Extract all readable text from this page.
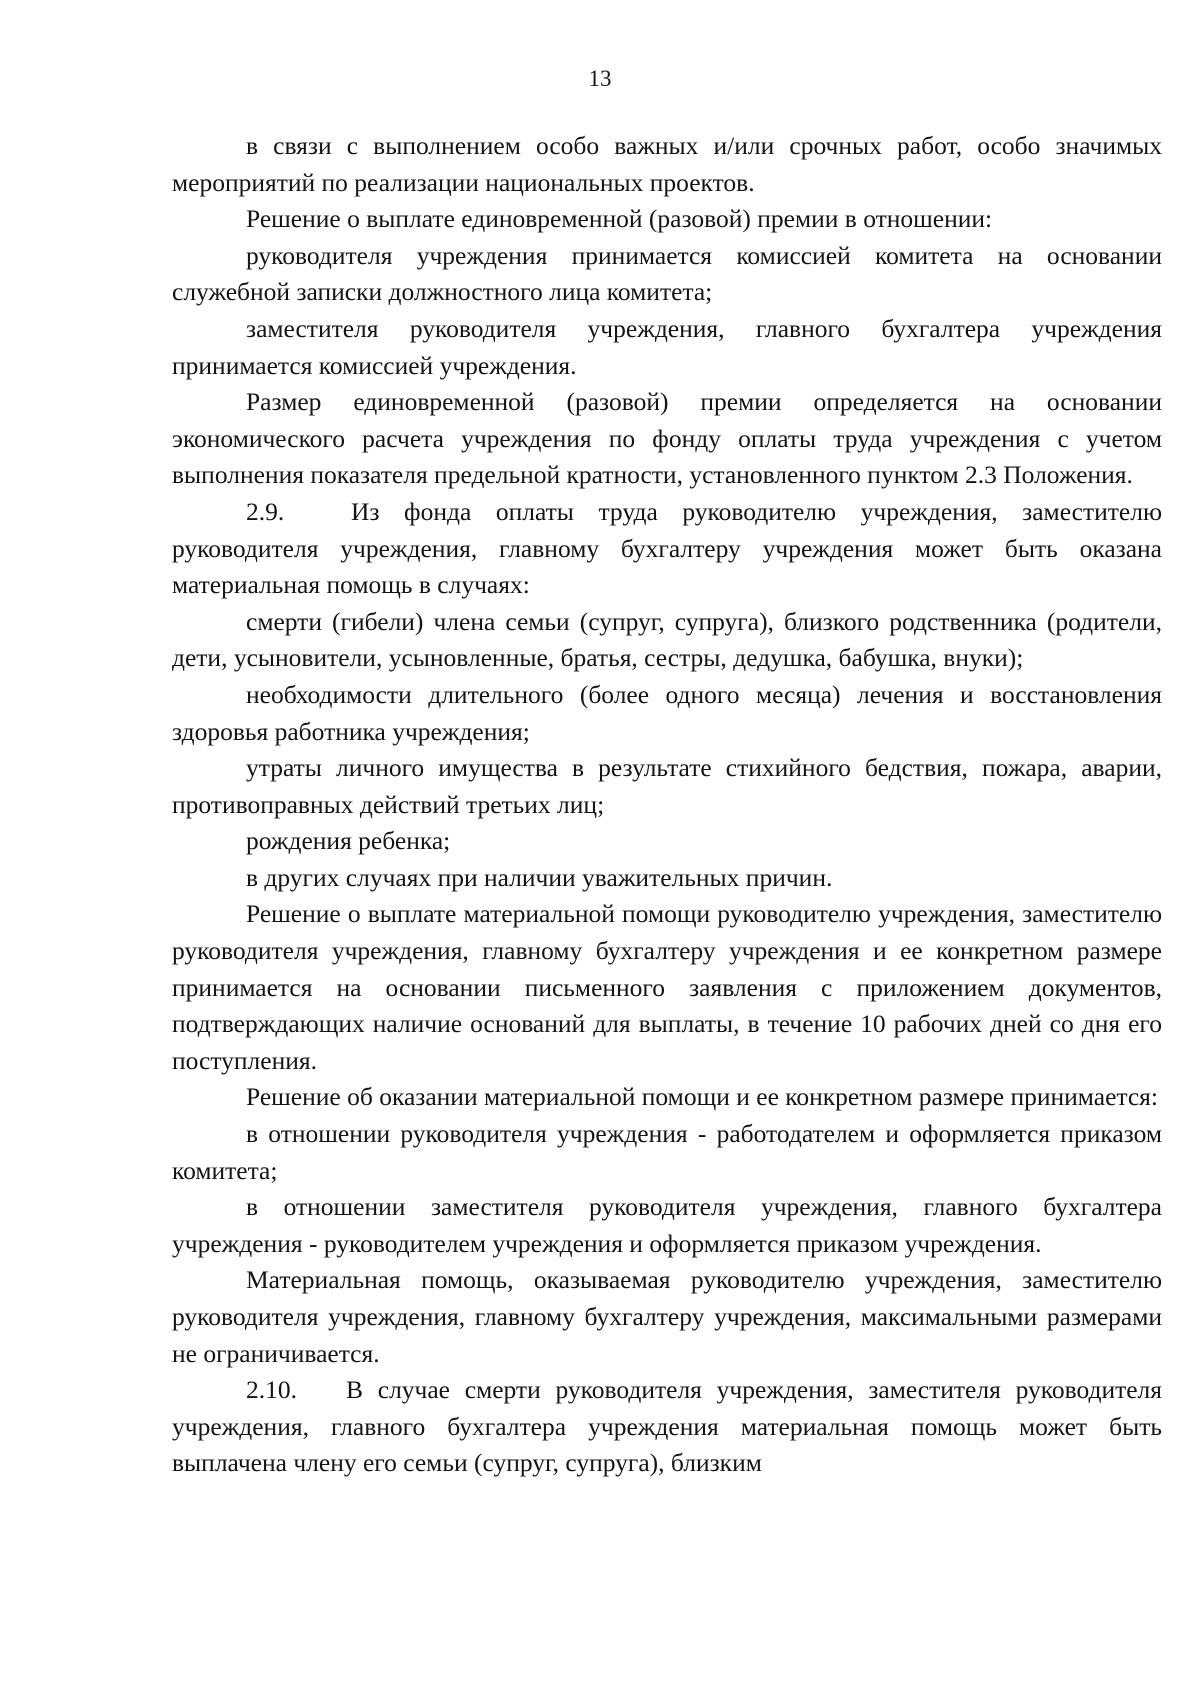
13

в связи с выполнением особо важных и/или срочных работ, особо значимых мероприятий по реализации национальных проектов.

Решение о выплате единовременной (разовой) премии в отношении:

руководителя учреждения принимается комиссией комитета на основании служебной записки должностного лица комитета;

заместителя руководителя учреждения, главного бухгалтера учреждения принимается комиссией учреждения.

Размер единовременной (разовой) премии определяется на основании экономического расчета учреждения по фонду оплаты труда учреждения с учетом выполнения показателя предельной кратности, установленного пунктом 2.3 Положения.

2.9.	Из фонда оплаты труда руководителю учреждения, заместителю руководителя учреждения, главному бухгалтеру учреждения может быть оказана материальная помощь в случаях:

смерти (гибели) члена семьи (супруг, супруга), близкого родственника (родители, дети, усыновители, усыновленные, братья, сестры, дедушка, бабушка, внуки);

необходимости длительного (более одного месяца) лечения и восстановления здоровья работника учреждения;

утраты личного имущества в результате стихийного бедствия, пожара, аварии, противоправных действий третьих лиц;

рождения ребенка;

в других случаях при наличии уважительных причин.

Решение о выплате материальной помощи руководителю учреждения, заместителю руководителя учреждения, главному бухгалтеру учреждения и ее конкретном размере принимается на основании письменного заявления с приложением документов, подтверждающих наличие оснований для выплаты, в течение 10 рабочих дней со дня его поступления.

Решение об оказании материальной помощи и ее конкретном размере принимается:

в отношении руководителя учреждения - работодателем и оформляется приказом комитета;

в отношении заместителя руководителя учреждения, главного бухгалтера учреждения - руководителем учреждения и оформляется приказом учреждения.

Материальная помощь, оказываемая руководителю учреждения, заместителю руководителя учреждения, главному бухгалтеру учреждения, максимальными размерами не ограничивается.

2.10. В случае смерти руководителя учреждения, заместителя руководителя учреждения, главного бухгалтера учреждения материальная помощь может быть выплачена члену его семьи (супруг, супруга), близким
